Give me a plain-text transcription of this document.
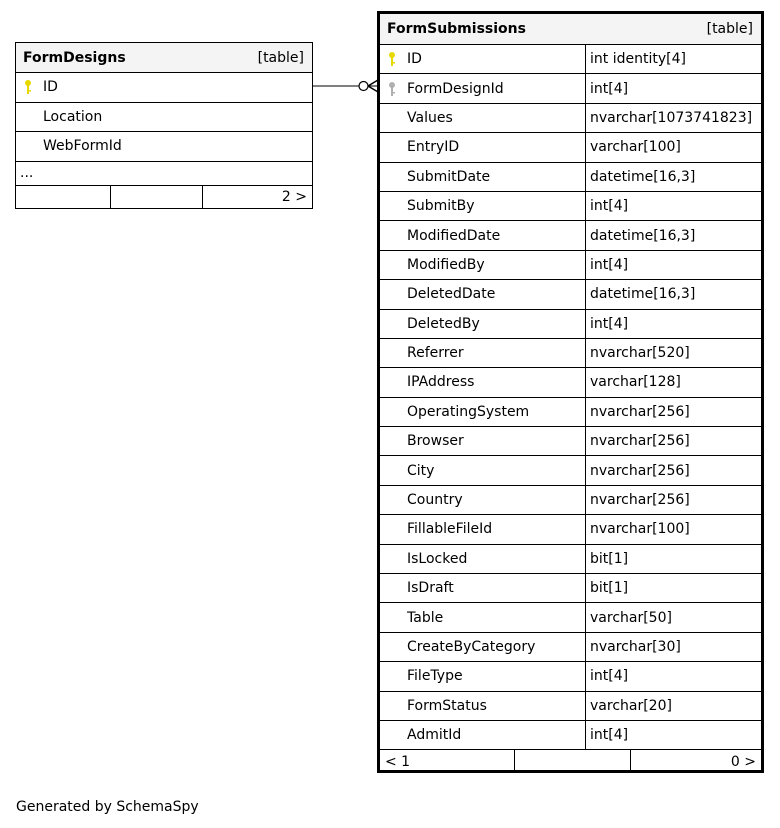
FormDesigns	[table]
ID
Location
WebFormId
...
2 >
FormSubmissions	[table]
ID	int identity[4]
FormDesignId	int[4]
Values	nvarchar[1073741823]
EntryID	varchar[100]
SubmitDate	datetime[16,3]
SubmitBy	int[4]
ModifiedDate	datetime[16,3]
ModifiedBy	int[4]
DeletedDate	datetime[16,3]
DeletedBy	int[4]
Referrer	nvarchar[520]
IPAddress	varchar[128]
OperatingSystem	nvarchar[256]
Browser	nvarchar[256]
City	nvarchar[256]
Country	nvarchar[256]
FillableFileId	nvarchar[100]
IsLocked	bit[1]
IsDraft	bit[1]
Table	varchar[50]
CreateByCategory	nvarchar[30]
FileType	int[4]
FormStatus	varchar[20]
AdmitId	int[4]
< 1	0 >
Generated by SchemaSpy
